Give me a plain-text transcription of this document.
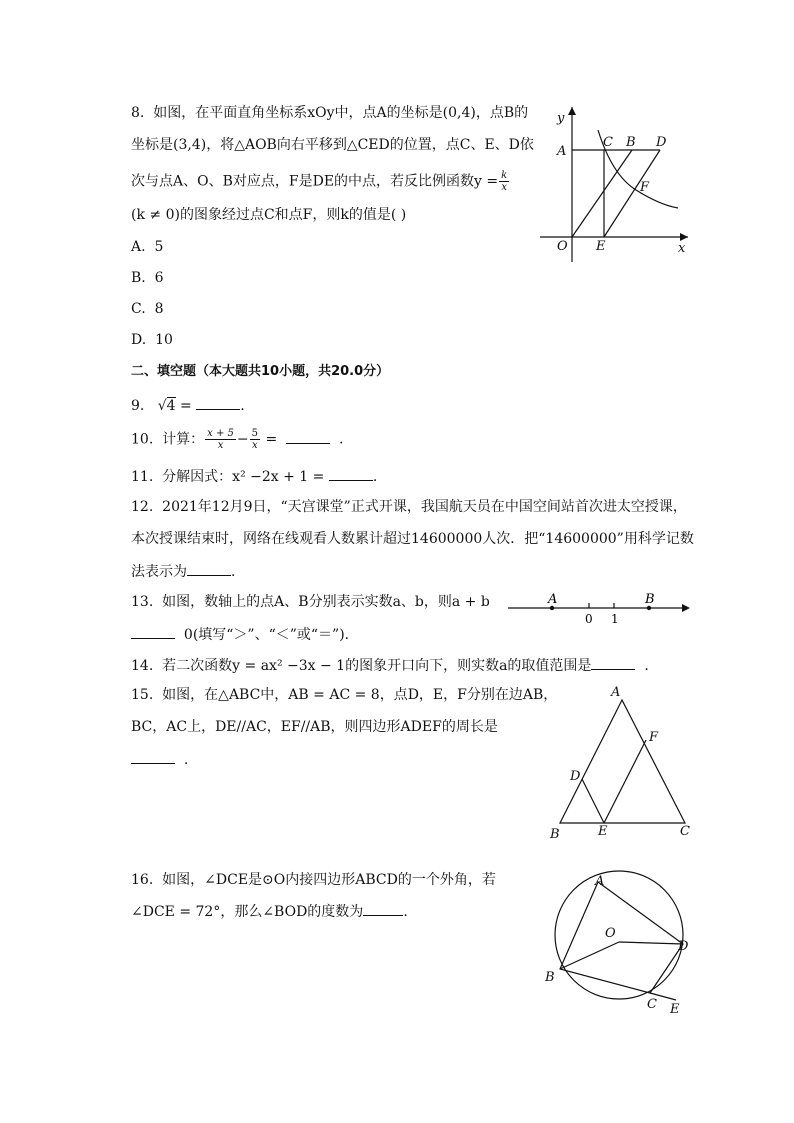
8. 如图，在平面直角坐标系xOy中，点A的坐标是(0,4)，点B的
坐标是(3,4)，将△AOB向右平移到△CED的位置，点C、E、D依
次与点A、O、B对应点，F是DE的中点，若反比例函数$y = \frac{k}{x}$
(k ≠ 0)的图象经过点C和点F，则k的值是( )
A. 5
B. 6
C. 8
D. 10
y
A
C B D
F
O E	x
二、填空题（本大题共10小题，共20.0分）
9. √4 =	.
10. 计算： $\frac{x + 5}{x} - \frac{5}{x}$ =	.
11. 分解因式：x² −2x + 1 =	.
12. 2021年12月9日，“天宫课堂”正式开课，我国航天员在中国空间站首次进太空授课，
本次授课结束时，网络在线观看人数累计超过14600000人次．把“14600000”用科学记数
法表示为	.
13. 如图，数轴上的点A、B分别表示实数a、b，则a + b
0(填写“＞”、“＜”或“＝”)．
A	B
0 1
14. 若二次函数y = ax² −3x − 1的图象开口向下，则实数a的取值范围是	.
15. 如图，在△ABC中，AB = AC = 8，点D，E，F分别在边AB，
BC，AC上，DE//AC，EF//AB，则四边形ADEF的周长是
.
A
F
D
B	E	C
16. 如图，∠DCE是⊙O内接四边形ABCD的一个外角，若
∠DCE = 72°，那么∠BOD的度数为	.
A
O
D
B
C E
